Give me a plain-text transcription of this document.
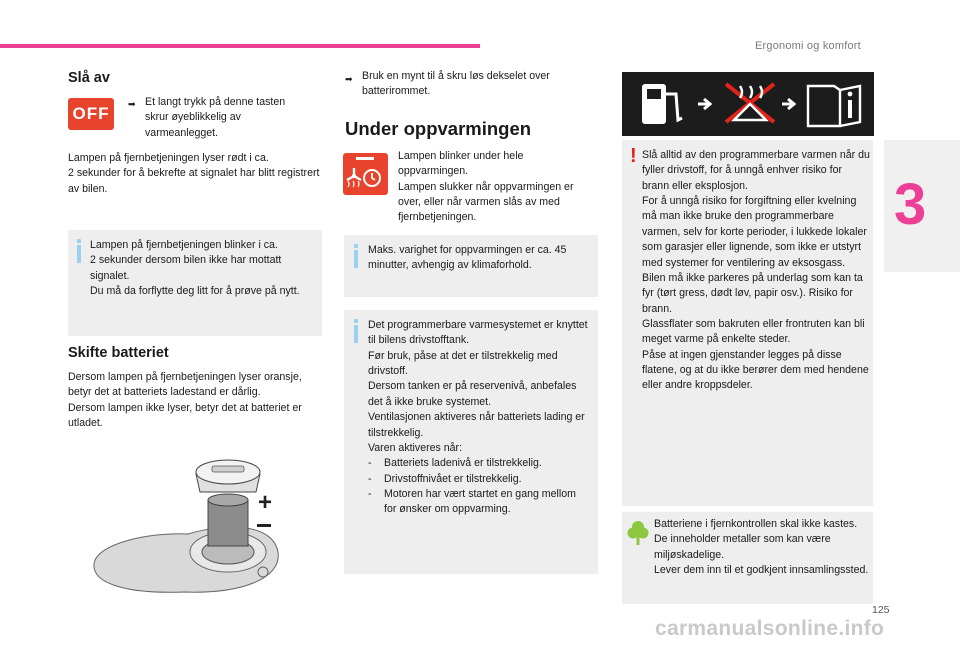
Ergonomi og komfort
3
Slå av
OFF	➡ Et langt trykk på denne tasten skrur øyeblikkelig av varmeanlegget.
Lampen på fjernbetjeningen lyser rødt i ca.
2 sekunder for å bekrefte at signalet har blitt registrert av bilen.
Lampen på fjernbetjeningen blinker i ca.
2 sekunder dersom bilen ikke har mottatt signalet.
Du må da forflytte deg litt for å prøve på nytt.
Skifte batteriet
Dersom lampen på fjernbetjeningen lyser oransje, betyr det at batteriets ladestand er dårlig.
Dersom lampen ikke lyser, betyr det at batteriet er utladet.
+
➡ Bruk en mynt til å skru løs dekselet over batterirommet.
Under oppvarmingen
Lampen blinker under hele oppvarmingen.
Lampen slukker når oppvarmingen er over, eller når varmen slås av med fjernbetjeningen.
Maks. varighet for oppvarmingen er ca. 45 minutter, avhengig av klimaforhold.
Det programmerbare varmesystemet er knyttet til bilens drivstofftank.
Før bruk, påse at det er tilstrekkelig med drivstoff.
Dersom tanken er på reservenivå, anbefales det å ikke bruke systemet.
Ventilasjonen aktiveres når batteriets lading er tilstrekkelig.
Varen aktiveres når:
-	Batteriets ladenivå er tilstrekkelig.
-	Drivstoffnivået er tilstrekkelig.
-	Motoren har vært startet en gang mellom for ønsker om oppvarming.
! Slå alltid av den programmerbare varmen når du fyller drivstoff, for å unngå enhver risiko for brann eller eksplosjon.
For å unngå risiko for forgiftning eller kvelning må man ikke bruke den programmerbare varmen, selv for korte perioder, i lukkede lokaler som garasjer eller lignende, som ikke er utstyrt med systemer for ventilering av eksosgass.
Bilen må ikke parkeres på underlag som kan ta fyr (tørt gress, dødt løv, papir osv.). Risiko for brann.
Glassflater som bakruten eller frontruten kan bli meget varme på enkelte steder.
Påse at ingen gjenstander legges på disse flatene, og at du ikke berører dem med hendene eller andre kroppsdeler.
Batteriene i fjernkontrollen skal ikke kastes. De inneholder metaller som kan være miljøskadelige.
Lever dem inn til et godkjent innsamlingssted.
125
carmanualsonline.info
